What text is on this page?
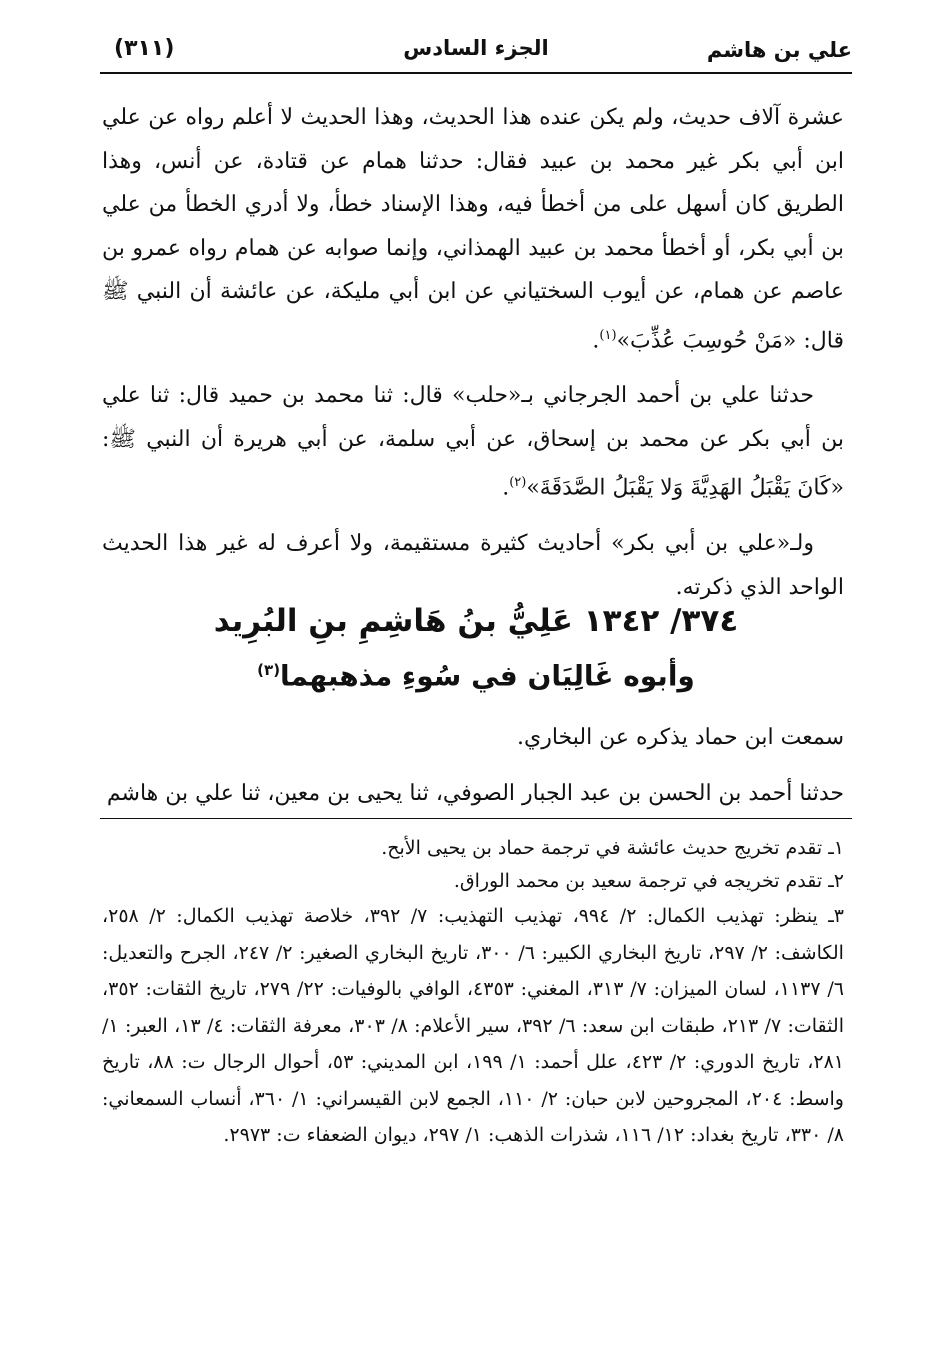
علي بن هاشم
الجزء السادس
(٣١١)

عشرة آلاف حديث، ولم يكن عنده هذا الحديث، وهذا الحديث لا أعلم رواه عن علي ابن أبي بكر غير محمد بن عبيد فقال: حدثنا همام عن قتادة، عن أنس، وهذا الطريق كان أسهل على من أخطأ فيه، وهذا الإسناد خطأ، ولا أدري الخطأ من علي بن أبي بكر، أو أخطأ محمد بن عبيد الهمذاني، وإنما صوابه عن همام رواه عمرو بن عاصم عن همام، عن أيوب السختياني عن ابن أبي مليكة، عن عائشة أن النبي ﷺ قال: «مَنْ حُوسِبَ عُذِّبَ»$^{(١)}$.

حدثنا علي بن أحمد الجرجاني بـ«حلب» قال: ثنا محمد بن حميد قال: ثنا علي بن أبي بكر عن محمد بن إسحاق، عن أبي سلمة، عن أبي هريرة أن النبي ﷺ: «كَانَ يَقْبَلُ الهَدِيَّةَ وَلا يَقْبَلُ الصَّدَقَةَ»$^{(٢)}$.

ولـ«علي بن أبي بكر» أحاديث كثيرة مستقيمة، ولا أعرف له غير هذا الحديث الواحد الذي ذكرته.

٣٧٤/ ١٣٤٢ عَلِيُّ بنُ هَاشِمِ بنِ البُرِيد
وأبوه غَالِيَان في سُوءِ مذهبهما$^{(٣)}$

سمعت ابن حماد يذكره عن البخاري.

حدثنا أحمد بن الحسن بن عبد الجبار الصوفي، ثنا يحيى بن معين، ثنا علي بن هاشم

١ـ تقدم تخريج حديث عائشة في ترجمة حماد بن يحيى الأبح.

٢ـ تقدم تخريجه في ترجمة سعيد بن محمد الوراق.

٣ـ ينظر: تهذيب الكمال: ٢/ ٩٩٤، تهذيب التهذيب: ٧/ ٣٩٢، خلاصة تهذيب الكمال: ٢/ ٢٥٨، الكاشف: ٢/ ٢٩٧، تاريخ البخاري الكبير: ٦/ ٣٠٠، تاريخ البخاري الصغير: ٢/ ٢٤٧، الجرح والتعديل: ٦/ ١١٣٧، لسان الميزان: ٧/ ٣١٣، المغني: ٤٣٥٣، الوافي بالوفيات: ٢٢/ ٢٧٩، تاريخ الثقات: ٣٥٢، الثقات: ٧/ ٢١٣، طبقات ابن سعد: ٦/ ٣٩٢، سير الأعلام: ٨/ ٣٠٣، معرفة الثقات: ٤/ ١٣، العبر: ١/ ٢٨١، تاريخ الدوري: ٢/ ٤٢٣، علل أحمد: ١/ ١٩٩، ابن المديني: ٥٣، أحوال الرجال ت: ٨٨، تاريخ واسط: ٢٠٤، المجروحين لابن حبان: ٢/ ١١٠، الجمع لابن القيسراني: ١/ ٣٦٠، أنساب السمعاني: ٨/ ٣٣٠، تاريخ بغداد: ١٢/ ١١٦، شذرات الذهب: ١/ ٢٩٧، ديوان الضعفاء ت: ٢٩٧٣.
